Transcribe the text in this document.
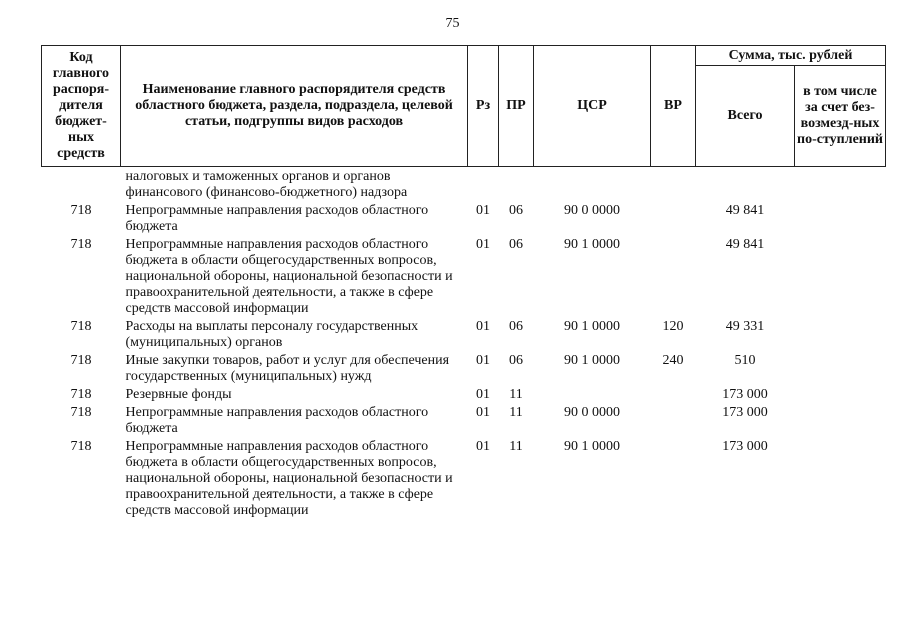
75
Код главного распоря-дителя бюджет-ных средств	Наименование главного распорядителя средств областного бюджета, раздела, подраздела, целевой статьи, подгруппы видов расходов	Рз	ПР	ЦСР	ВР	Сумма, тыс. рублей	
						Всего	в том числе за счет без-возмезд-ных по-ступлений
	налоговых и таможенных органов и органов финансового (финансово-бюджетного) надзора						
718	Непрограммные направления расходов областного бюджета	01	06	90 0 0000		49 841	
718	Непрограммные направления расходов областного бюджета в области общегосударственных вопросов, национальной обороны, национальной безопасности и правоохранительной деятельности, а также в сфере средств массовой информации	01	06	90 1 0000		49 841	
718	Расходы на выплаты персоналу государственных (муниципальных) органов	01	06	90 1 0000	120	49 331	
718	Иные закупки товаров, работ и услуг для обеспечения государственных (муниципальных) нужд	01	06	90 1 0000	240	510	
718	Резервные фонды	01	11			173 000	
718	Непрограммные направления расходов областного бюджета	01	11	90 0 0000		173 000	
718	Непрограммные направления расходов областного бюджета в области общегосударственных вопросов, национальной обороны, национальной безопасности и правоохранительной деятельности, а также в сфере средств массовой информации	01	11	90 1 0000		173 000	
